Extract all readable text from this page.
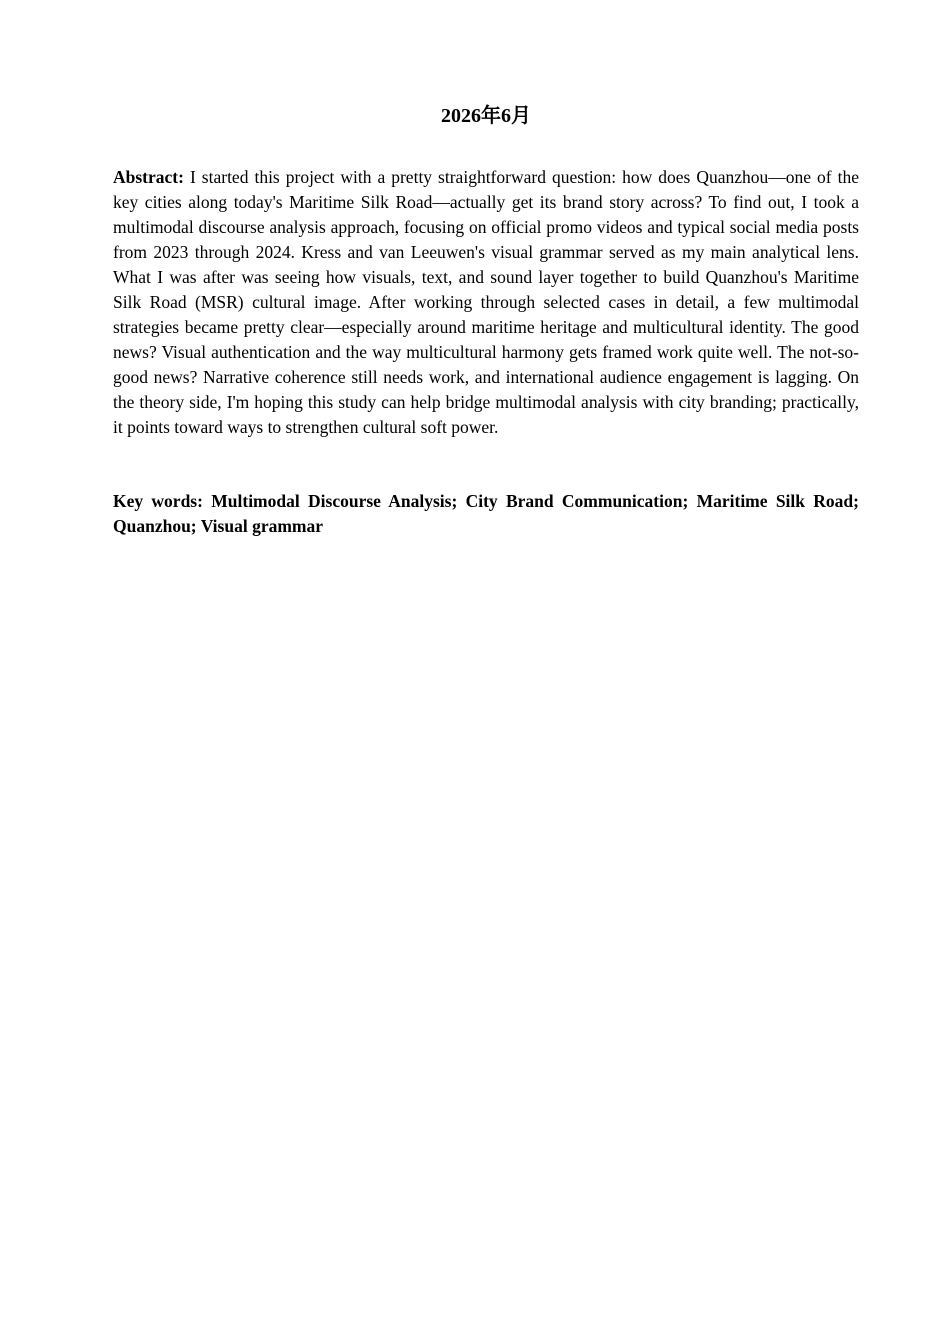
2026年6月

Abstract: I started this project with a pretty straightforward question: how does Quanzhou—one of the key cities along today's Maritime Silk Road—actually get its brand story across? To find out, I took a multimodal discourse analysis approach, focusing on official promo videos and typical social media posts from 2023 through 2024. Kress and van Leeuwen's visual grammar served as my main analytical lens. What I was after was seeing how visuals, text, and sound layer together to build Quanzhou's Maritime Silk Road (MSR) cultural image. After working through selected cases in detail, a few multimodal strategies became pretty clear—especially around maritime heritage and multicultural identity. The good news? Visual authentication and the way multicultural harmony gets framed work quite well. The not-so-good news? Narrative coherence still needs work, and international audience engagement is lagging. On the theory side, I'm hoping this study can help bridge multimodal analysis with city branding; practically, it points toward ways to strengthen cultural soft power.

Key words: Multimodal Discourse Analysis; City Brand Communication; Maritime Silk Road; Quanzhou; Visual grammar
